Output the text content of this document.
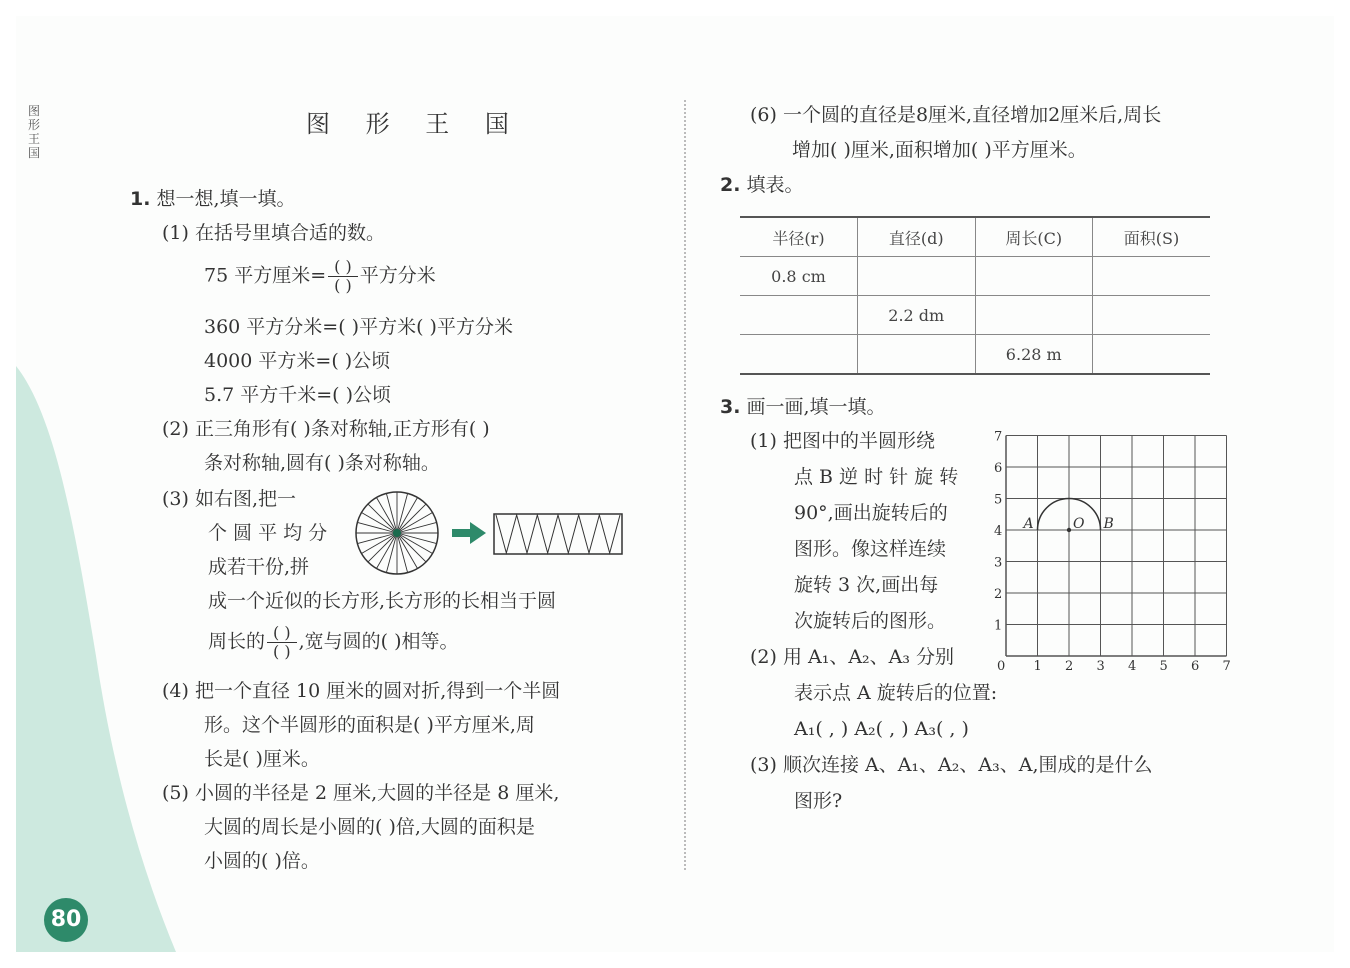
图形王国
图 形 王 国
1. 想一想,填一填。
(1) 在括号里填合适的数。
75 平方厘米= $\frac{( )}{( )}$ 平方分米
360 平方分米=( )平方米( )平方分米
4000 平方米=( )公顷
5.7 平方千米=( )公顷
(2) 正三角形有( )条对称轴,正方形有( )
条对称轴,圆有( )条对称轴。
(3) 如右图,把一
个 圆 平 均 分
成若干份,拼
成一个近似的长方形,长方形的长相当于圆
周长的 $\frac{( )}{( )}$ ,宽与圆的( )相等。
(4) 把一个直径 10 厘米的圆对折,得到一个半圆
形。这个半圆形的面积是( )平方厘米,周
长是( )厘米。
(5) 小圆的半径是 2 厘米,大圆的半径是 8 厘米,
大圆的周长是小圆的( )倍,大圆的面积是
小圆的( )倍。
(6) 一个圆的直径是8厘米,直径增加2厘米后,周长
增加( )厘米,面积增加( )平方厘米。
2. 填表。
半径(r)	直径(d)	周长(C)	面积(S)
0.8 cm			
	2.2 dm		
		6.28 m	
3. 画一画,填一填。
(1) 把图中的半圆形绕
点 B 逆 时 针 旋 转
90°,画出旋转后的
图形。像这样连续
旋转 3 次,画出每
次旋转后的图形。
0 1 2 3 4 5 6 7
1
2
3
4
5
6
7
A	O B
(2) 用 A₁、A₂、A₃ 分别
表示点 A 旋转后的位置:
A₁( , ) A₂( , ) A₃( , )
(3) 顺次连接 A、A₁、A₂、A₃、A,围成的是什么
图形?
80
